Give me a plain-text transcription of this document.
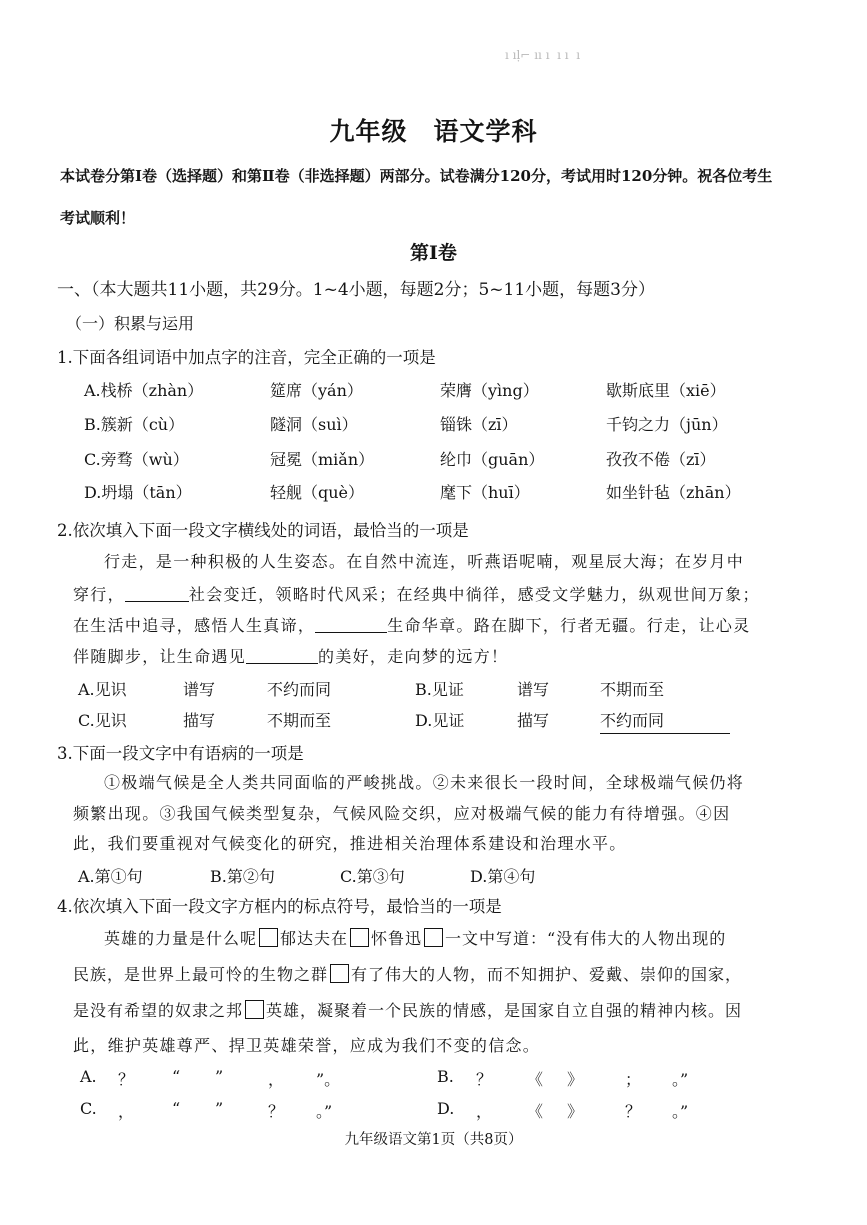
ı ıḷ⌐ ıı ı  ı ı  ı
九年级　语文学科
本试卷分第Ⅰ卷（选择题）和第Ⅱ卷（非选择题）两部分。试卷满分120分，考试用时120分钟。祝各位考生
考试顺利！
第Ⅰ卷
一、（本大题共11小题，共29分。1~4小题，每题2分；5~11小题，每题3分）
（一）积累与运用
1.下面各组词语中加点字的注音，完全正确的一项是
A.栈桥（zhàn）	筵席（yán）	荣膺（yìng）	歇斯底里（xiē）
B.簇新（cù）	隧洞（suì）	锱铢（zī）	千钧之力（jūn）
C.旁骛（wù）	冠冕（miǎn）	纶巾（guān）	孜孜不倦（zī）
D.坍塌（tān）	轻舰（què）	麾下（huī）	如坐针毡（zhān）
2.依次填入下面一段文字横线处的词语，最恰当的一项是
行走，是一种积极的人生姿态。在自然中流连，听燕语呢喃，观星辰大海；在岁月中
穿行，	社会变迁，领略时代风采；在经典中徜徉，感受文学魅力，纵观世间万象；
在生活中追寻，感悟人生真谛，	生命华章。路在脚下，行者无疆。行走，让心灵
伴随脚步，让生命遇见	的美好，走向梦的远方！
A.见识	谱写	不约而同	B.见证	谱写	不期而至
C.见识	描写	不期而至	D.见证	描写	不约而同
3.下面一段文字中有语病的一项是
①极端气候是全人类共同面临的严峻挑战。②未来很长一段时间，全球极端气候仍将
频繁出现。③我国气候类型复杂，气候风险交织，应对极端气候的能力有待增强。④因
此，我们要重视对气候变化的研究，推进相关治理体系建设和治理水平。
A.第①句	B.第②句	C.第③句	D.第④句
4.依次填入下面一段文字方框内的标点符号，最恰当的一项是
英雄的力量是什么呢 郁达夫在 怀鲁迅 一文中写道：“没有伟大的人物出现的
民族，是世界上最可怜的生物之群 有了伟大的人物，而不知拥护、爱戴、崇仰的国家，
是没有希望的奴隶之邦 英雄，凝聚着一个民族的情感，是国家自立自强的精神内核。因
此，维护英雄尊严、捍卫英雄荣誉，应成为我们不变的信念。
A. ？ “ ”	， ”。	B. ？ 《 》	； 。”
C. ， “ ”	？ 。”	D. ， 《 》	？ 。”
九年级语文第1页（共8页）
